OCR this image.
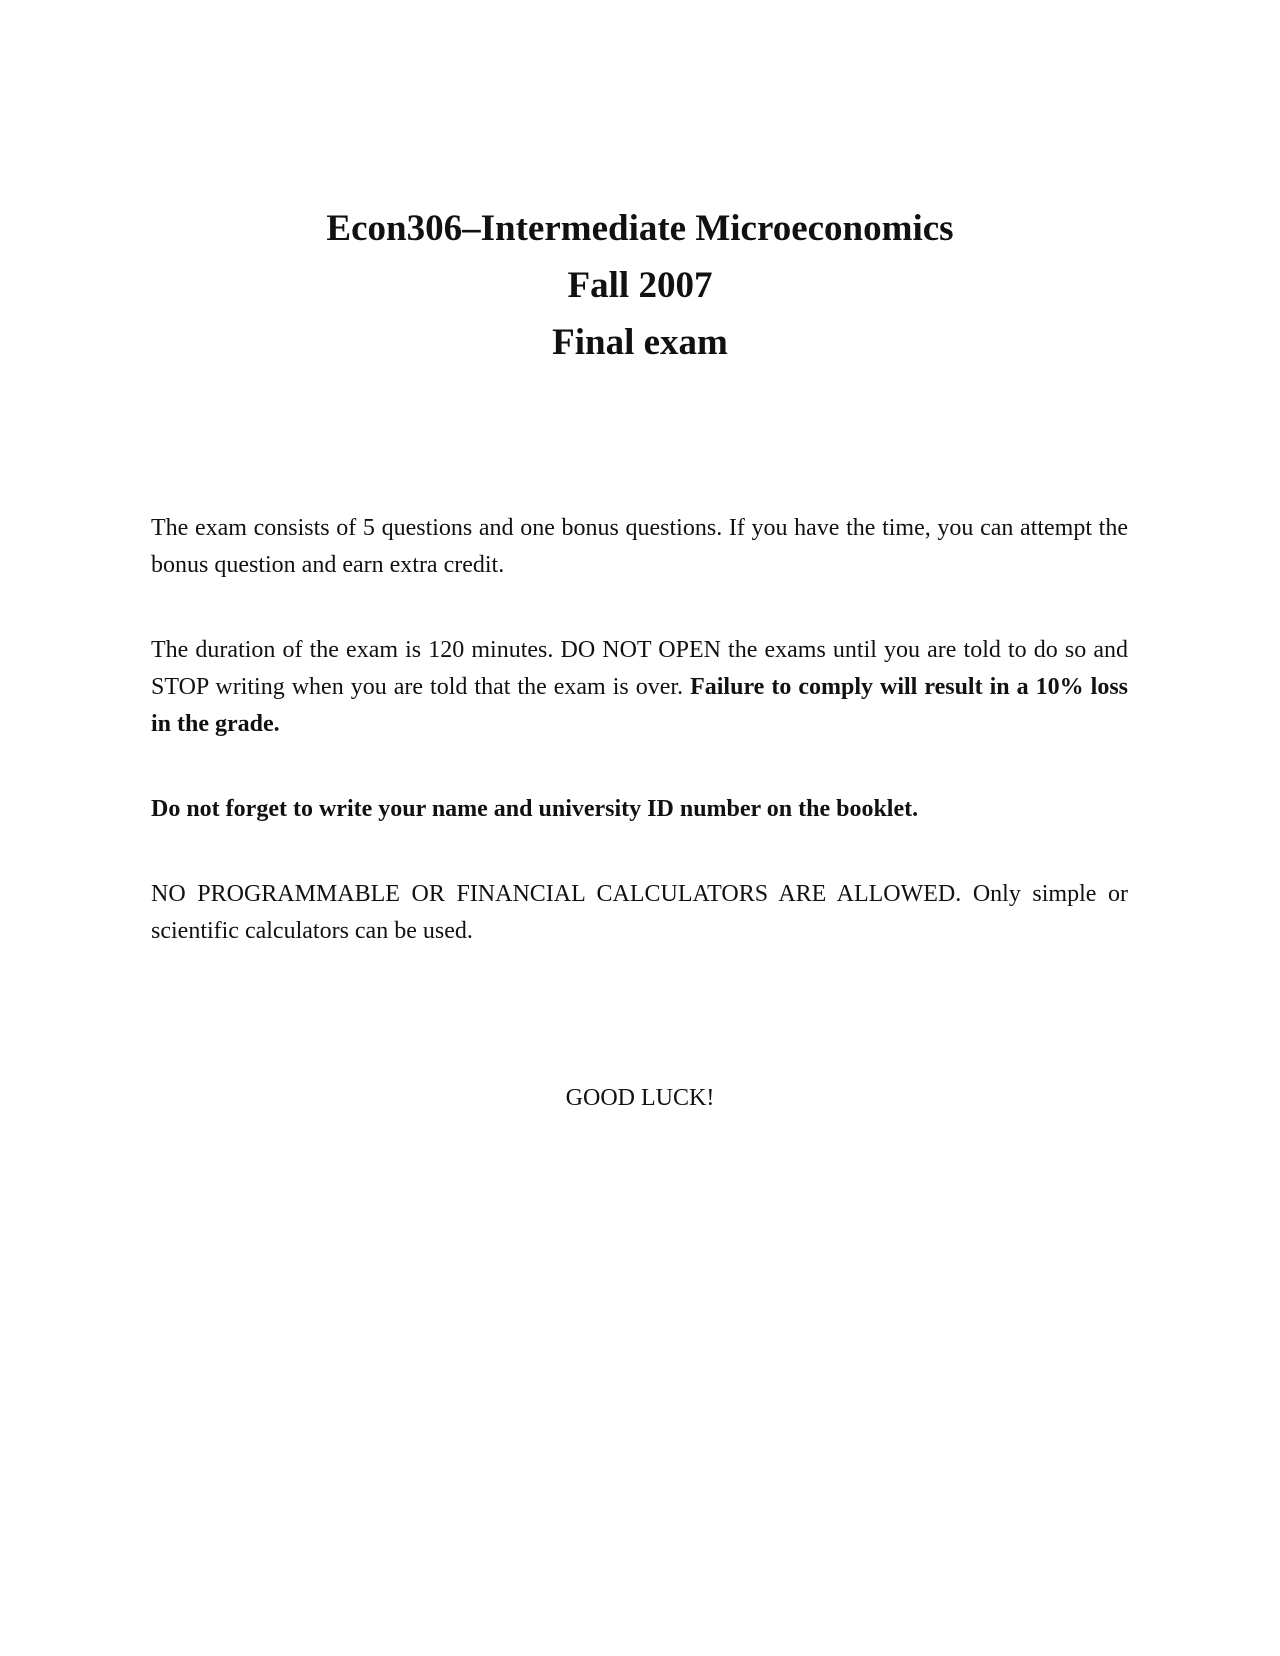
Econ306–Intermediate Microeconomics

Fall 2007

Final exam

The exam consists of 5 questions and one bonus questions. If you have the time, you can attempt the bonus question and earn extra credit.

The duration of the exam is 120 minutes. DO NOT OPEN the exams until you are told to do so and STOP writing when you are told that the exam is over. Failure to comply will result in a 10% loss in the grade.

Do not forget to write your name and university ID number on the booklet.

NO PROGRAMMABLE OR FINANCIAL CALCULATORS ARE ALLOWED. Only simple or scientific calculators can be used.

GOOD LUCK!
